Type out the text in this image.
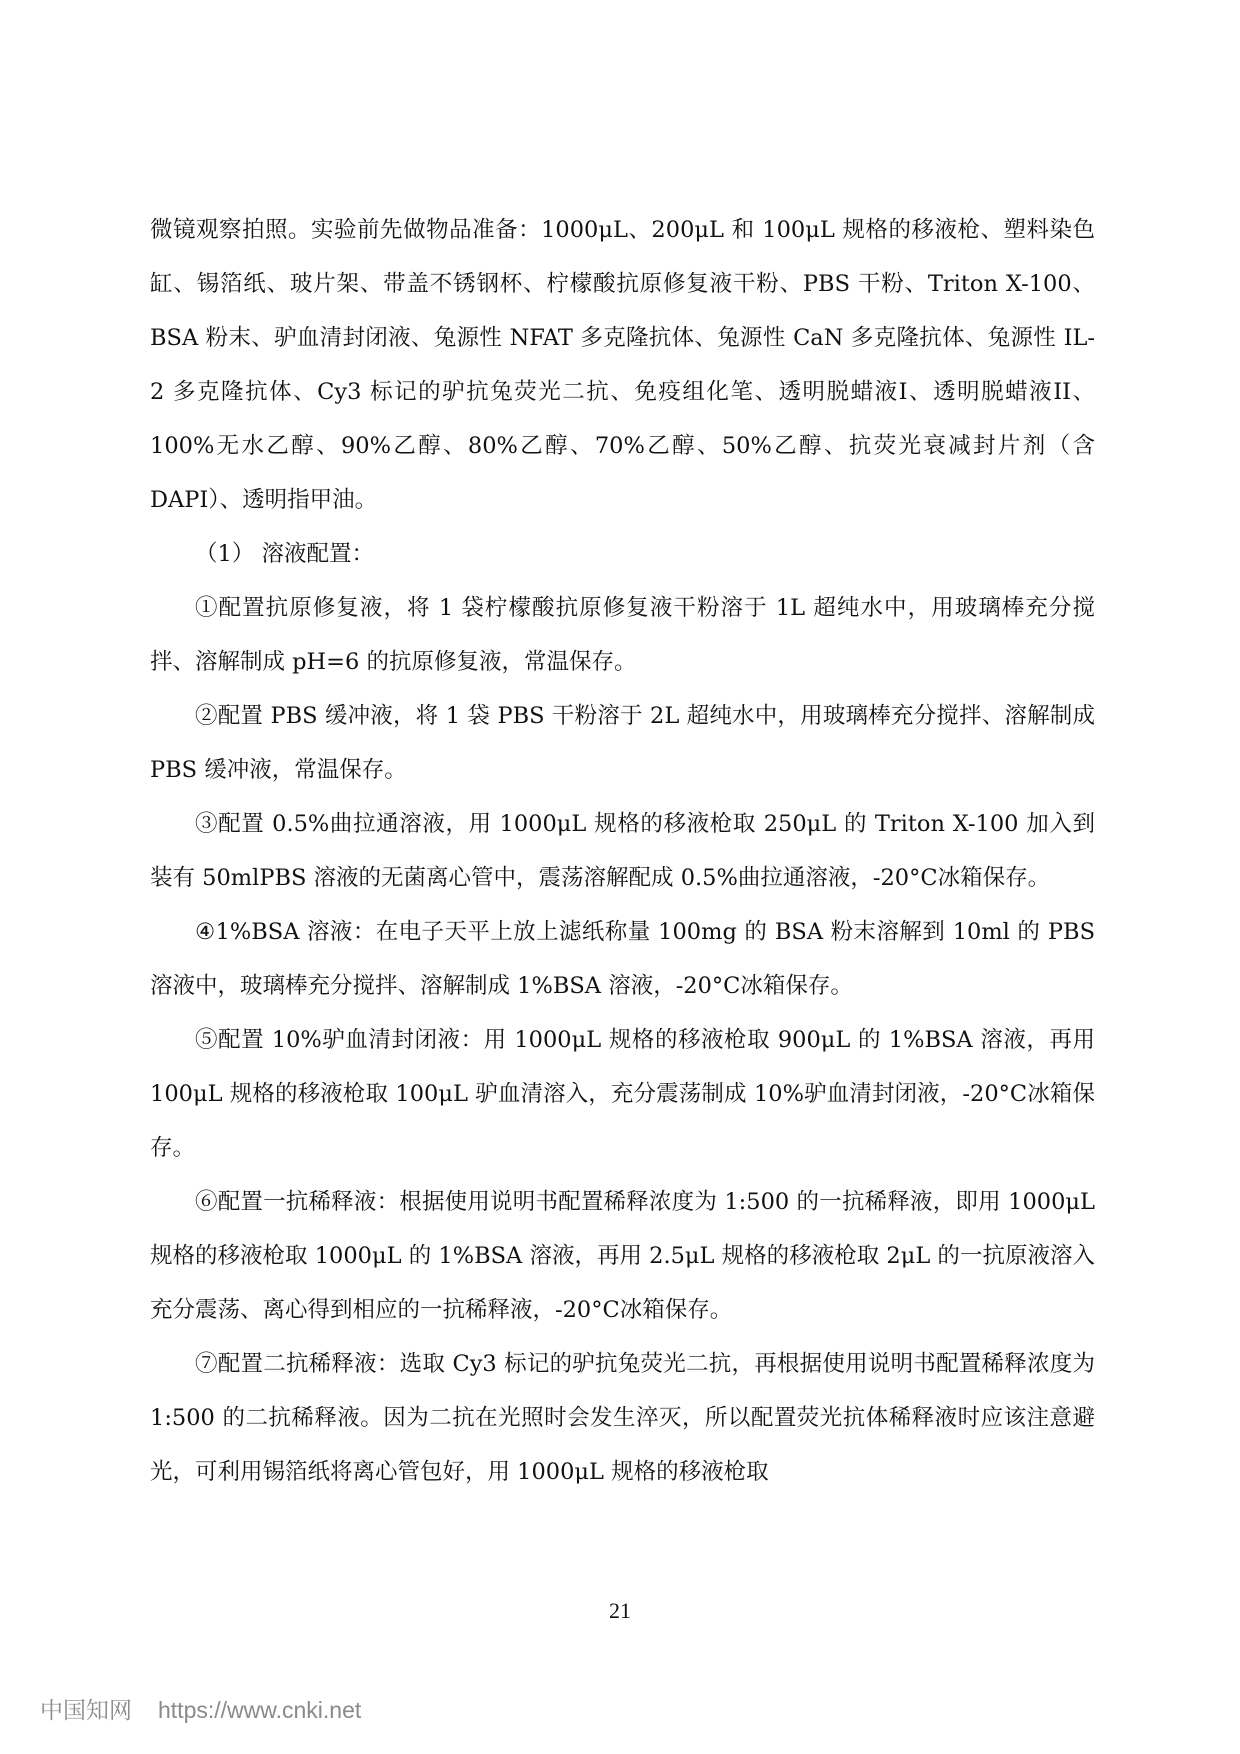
微镜观察拍照。实验前先做物品准备：1000μL、200μL 和 100μL 规格的移液枪、塑料染色缸、锡箔纸、玻片架、带盖不锈钢杯、柠檬酸抗原修复液干粉、PBS 干粉、Triton X-100、BSA 粉末、驴血清封闭液、兔源性 NFAT 多克隆抗体、兔源性 CaN 多克隆抗体、兔源性 IL-2 多克隆抗体、Cy3 标记的驴抗兔荧光二抗、免疫组化笔、透明脱蜡液I、透明脱蜡液II、100%无水乙醇、90%乙醇、80%乙醇、70%乙醇、50%乙醇、抗荧光衰减封片剂（含 DAPI）、透明指甲油。

（1） 溶液配置：

①配置抗原修复液，将 1 袋柠檬酸抗原修复液干粉溶于 1L 超纯水中，用玻璃棒充分搅拌、溶解制成 pH=6 的抗原修复液，常温保存。

②配置 PBS 缓冲液，将 1 袋 PBS 干粉溶于 2L 超纯水中，用玻璃棒充分搅拌、溶解制成 PBS 缓冲液，常温保存。

③配置 0.5%曲拉通溶液，用 1000μL 规格的移液枪取 250μL 的 Triton X-100 加入到装有 50mlPBS 溶液的无菌离心管中，震荡溶解配成 0.5%曲拉通溶液，-20°C冰箱保存。

④1%BSA 溶液：在电子天平上放上滤纸称量 100mg 的 BSA 粉末溶解到 10ml 的 PBS 溶液中，玻璃棒充分搅拌、溶解制成 1%BSA 溶液，-20°C冰箱保存。

⑤配置 10%驴血清封闭液：用 1000μL 规格的移液枪取 900μL 的 1%BSA 溶液，再用 100μL 规格的移液枪取 100μL 驴血清溶入，充分震荡制成 10%驴血清封闭液，-20°C冰箱保存。

⑥配置一抗稀释液：根据使用说明书配置稀释浓度为 1:500 的一抗稀释液，即用 1000μL 规格的移液枪取 1000μL 的 1%BSA 溶液，再用 2.5μL 规格的移液枪取 2μL 的一抗原液溶入充分震荡、离心得到相应的一抗稀释液，-20°C冰箱保存。

⑦配置二抗稀释液：选取 Cy3 标记的驴抗兔荧光二抗，再根据使用说明书配置稀释浓度为 1:500 的二抗稀释液。因为二抗在光照时会发生淬灭，所以配置荧光抗体稀释液时应该注意避光，可利用锡箔纸将离心管包好，用 1000μL 规格的移液枪取

21
中国知网 https://www.cnki.net
